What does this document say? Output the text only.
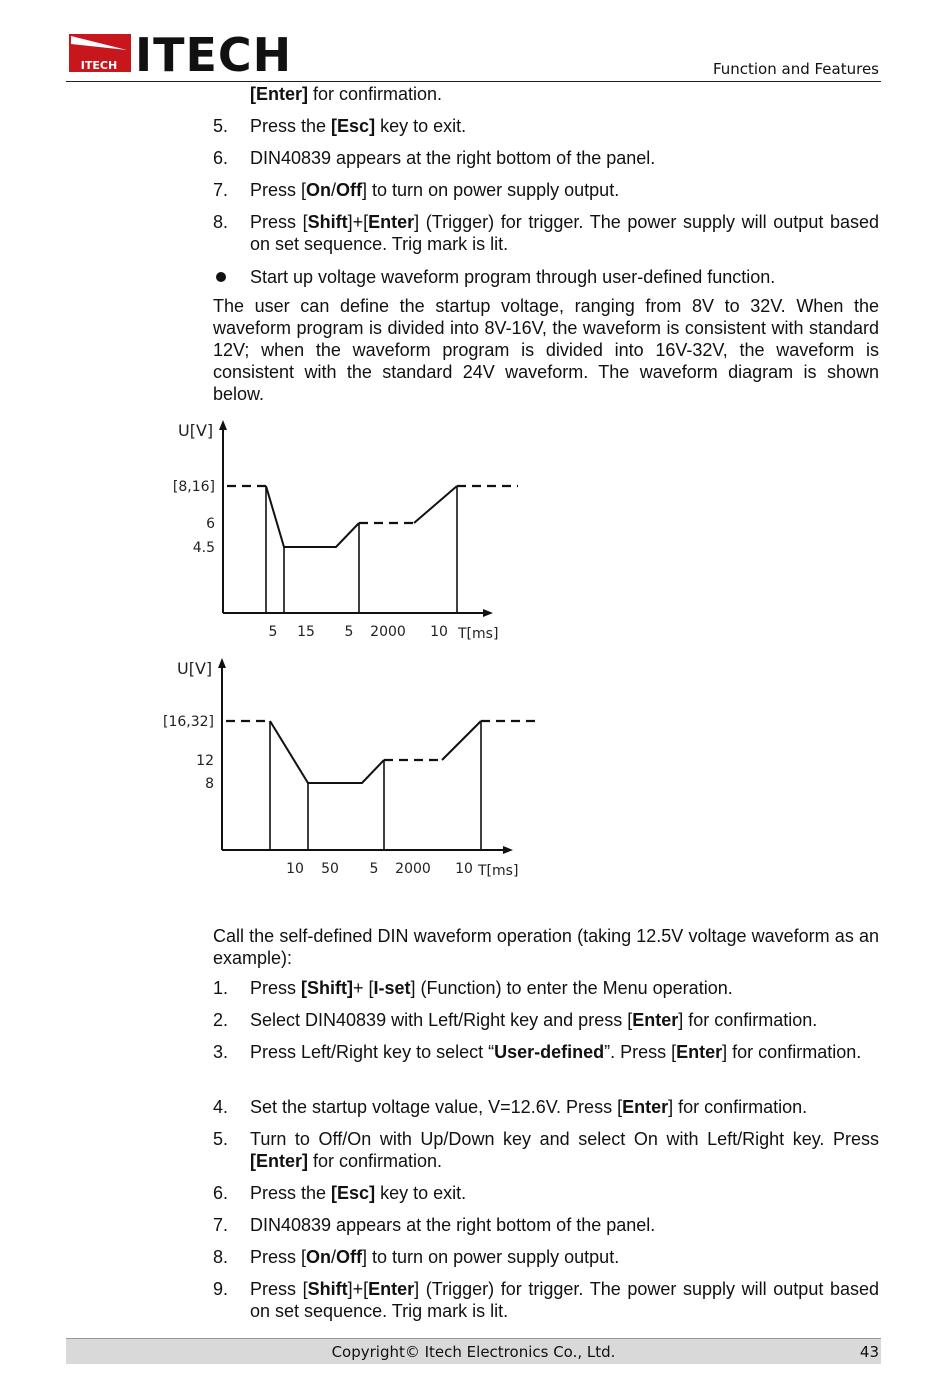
ITECH ITECH	Function and Features
[Enter] for confirmation.
5.	Press the [Esc] key to exit.
6.	DIN40839 appears at the right bottom of the panel.
7.	Press [On/Off] to turn on power supply output.
8.	Press [Shift]+[Enter] (Trigger) for trigger. The power supply will output based on set sequence. Trig mark is lit.
Start up voltage waveform program through user-defined function.
The user can define the startup voltage, ranging from 8V to 32V. When the waveform program is divided into 8V-16V, the waveform is consistent with standard 12V; when the waveform program is divided into 16V-32V, the waveform is consistent with the standard 24V waveform. The waveform diagram is shown below.
U[V]
[8,16]
6
4.5
5 15 5 2000 10 T[ms]
U[V]
[16,32]
12
8
10 50 5 2000 10 T[ms]
Call the self-defined DIN waveform operation (taking 12.5V voltage waveform as an example):
1.	Press [Shift]+ [I-set] (Function) to enter the Menu operation.
2.	Select DIN40839 with Left/Right key and press [Enter] for confirmation.
3.	Press Left/Right key to select “User-defined”. Press [Enter] for confirmation.
4.	Set the startup voltage value, V=12.6V. Press [Enter] for confirmation.
5.	Turn to Off/On with Up/Down key and select On with Left/Right key. Press [Enter] for confirmation.
6.	Press the [Esc] key to exit.
7.	DIN40839 appears at the right bottom of the panel.
8.	Press [On/Off] to turn on power supply output.
9.	Press [Shift]+[Enter] (Trigger) for trigger. The power supply will output based on set sequence. Trig mark is lit.
Copyright© Itech Electronics Co., Ltd.	43
